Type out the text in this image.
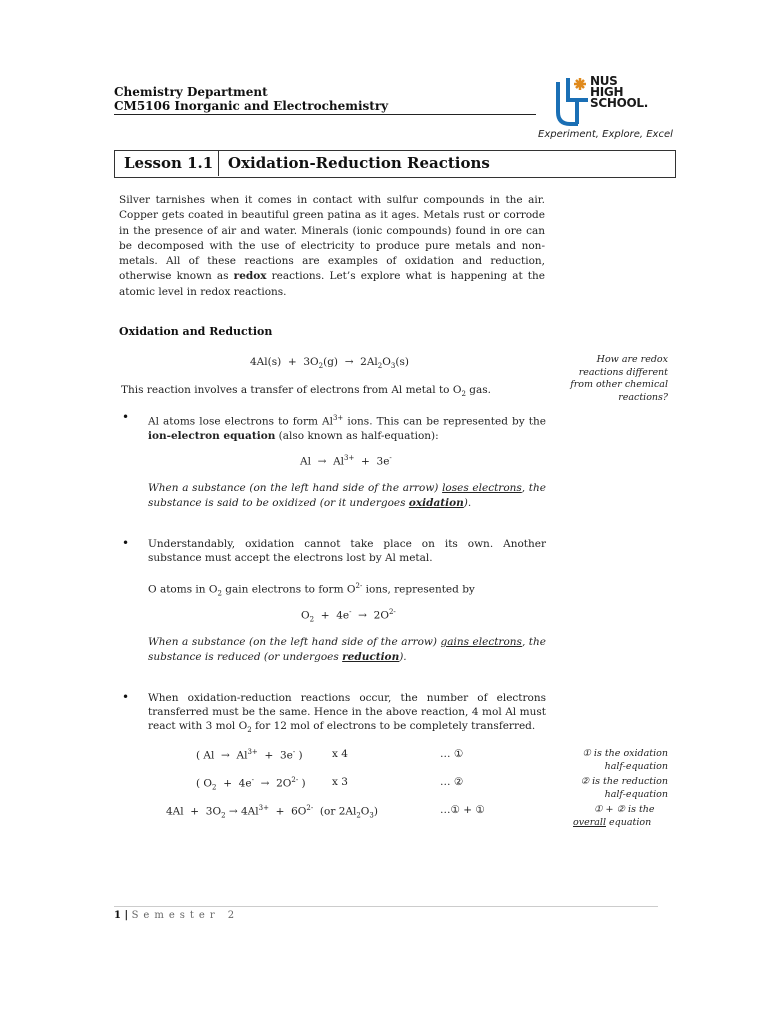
Chemistry Department
CM5106 Inorganic and Electrochemistry
NUS
HIGH
SCHOOL.
Experiment, Explore, Excel
Lesson 1.1 Oxidation-Reduction Reactions
Silver tarnishes when it comes in contact with sulfur compounds in the air. Copper gets coated in beautiful green patina as it ages. Metals rust or corrode in the presence of air and water. Minerals (ionic compounds) found in ore can be decomposed with the use of electricity to produce pure metals and non-metals. All of these reactions are examples of oxidation and reduction, otherwise known as redox reactions. Let’s explore what is happening at the atomic level in redox reactions.
Oxidation and Reduction
$4Al(s) + 3O_2(g) \to 2Al_2O_3(s)$
This reaction involves a transfer of electrons from Al metal to $O_2$ gas.
How are redox reactions different from other chemical reactions?
• Al atoms lose electrons to form $Al^{3+}$ ions. This can be represented by the ion-electron equation (also known as half-equation):
$Al \to Al^{3+} + 3e^-$
When a substance (on the left hand side of the arrow) loses electrons, the substance is said to be oxidized (or it undergoes oxidation).
• Understandably, oxidation cannot take place on its own. Another substance must accept the electrons lost by Al metal.
O atoms in $O_2$ gain electrons to form $O^{2-}$ ions, represented by
$O_2 + 4e^- \to 2O^{2-}$
When a substance (on the left hand side of the arrow) gains electrons, the substance is reduced (or undergoes reduction).
• When oxidation-reduction reactions occur, the number of electrons transferred must be the same. Hence in the above reaction, 4 mol Al must react with 3 mol $O_2$ for 12 mol of electrons to be completely transferred.
( $Al \to Al^{3+} + 3e^-$ )	x 4	… ①
( $O_2 + 4e^- \to 2O^{2-}$ )	x 3	… ②
$4Al + 3O_2 \to 4Al^{3+} + 6O^{2-}$ (or $2Al_2O_3$)	…① + ①
① is the oxidation half-equation
② is the reduction half-equation
① + ② is the
overall equation
1 | Semester 2
